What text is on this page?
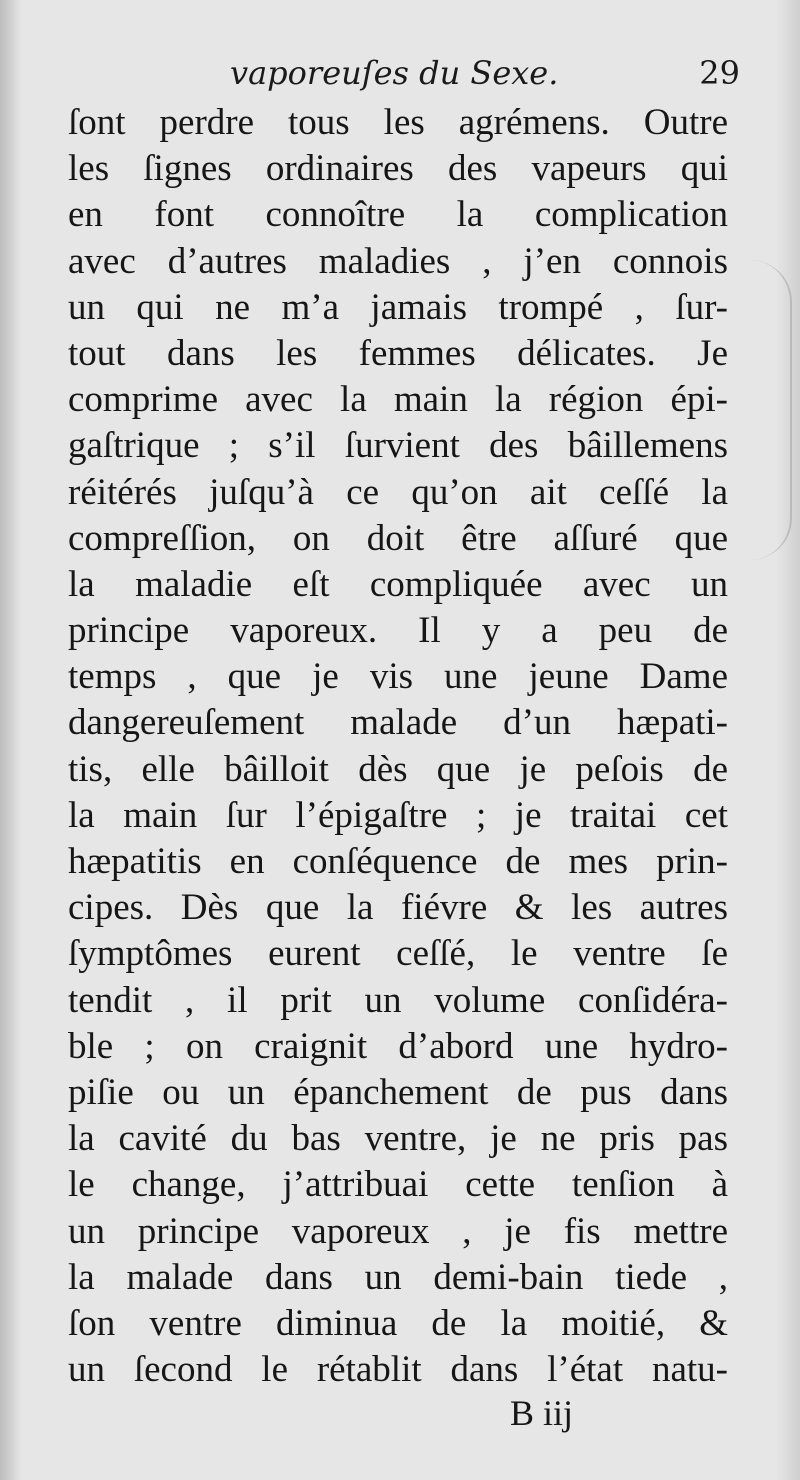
vaporeuſes du Sexe.	29
ſont perdre tous les agrémens. Outre
les ſignes ordinaires des vapeurs qui
en font connoître la complication
avec d’autres maladies , j’en connois
un qui ne m’a jamais trompé , ſur-
tout dans les femmes délicates. Je
comprime avec la main la région épi-
gaſtrique ; s’il ſurvient des bâillemens
réitérés juſqu’à ce qu’on ait ceſſé la
compreſſion, on doit être aſſuré que
la maladie eſt compliquée avec un
principe vaporeux. Il y a peu de
temps , que je vis une jeune Dame
dangereuſement malade d’un hæpati-
tis, elle bâilloit dès que je peſois de
la main ſur l’épigaſtre ; je traitai cet
hæpatitis en conſéquence de mes prin-
cipes. Dès que la fiévre & les autres
ſymptômes eurent ceſſé, le ventre ſe
tendit , il prit un volume conſidéra-
ble ; on craignit d’abord une hydro-
piſie ou un épanchement de pus dans
la cavité du bas ventre, je ne pris pas
le change, j’attribuai cette tenſion à
un principe vaporeux , je fis mettre
la malade dans un demi-bain tiede ,
ſon ventre diminua de la moitié, &
un ſecond le rétablit dans l’état natu-
B iij
